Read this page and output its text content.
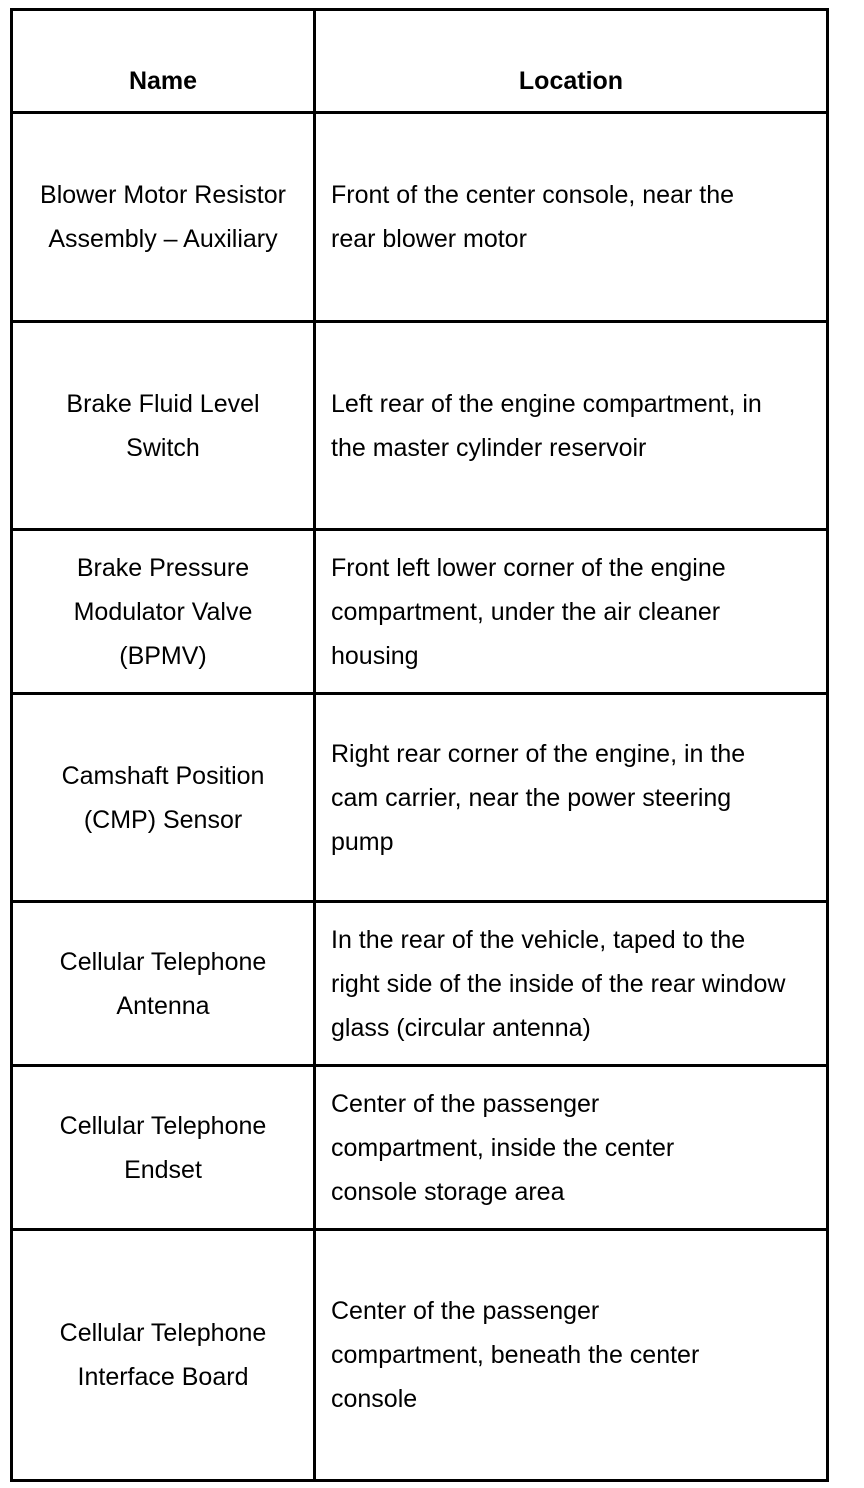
Name	Location
Blower Motor Resistor Assembly – Auxiliary
Front of the center console, near the rear blower motor
Brake Fluid Level Switch
Left rear of the engine compartment, in the master cylinder reservoir
Brake Pressure Modulator Valve (BPMV)
Front left lower corner of the engine compartment, under the air cleaner housing
Camshaft Position (CMP) Sensor
Right rear corner of the engine, in the cam carrier, near the power steering pump
Cellular Telephone Antenna
In the rear of the vehicle, taped to the right side of the inside of the rear window glass (circular antenna)
Cellular Telephone Endset
Center of the passenger compartment, inside the center console storage area
Cellular Telephone Interface Board
Center of the passenger compartment, beneath the center console
